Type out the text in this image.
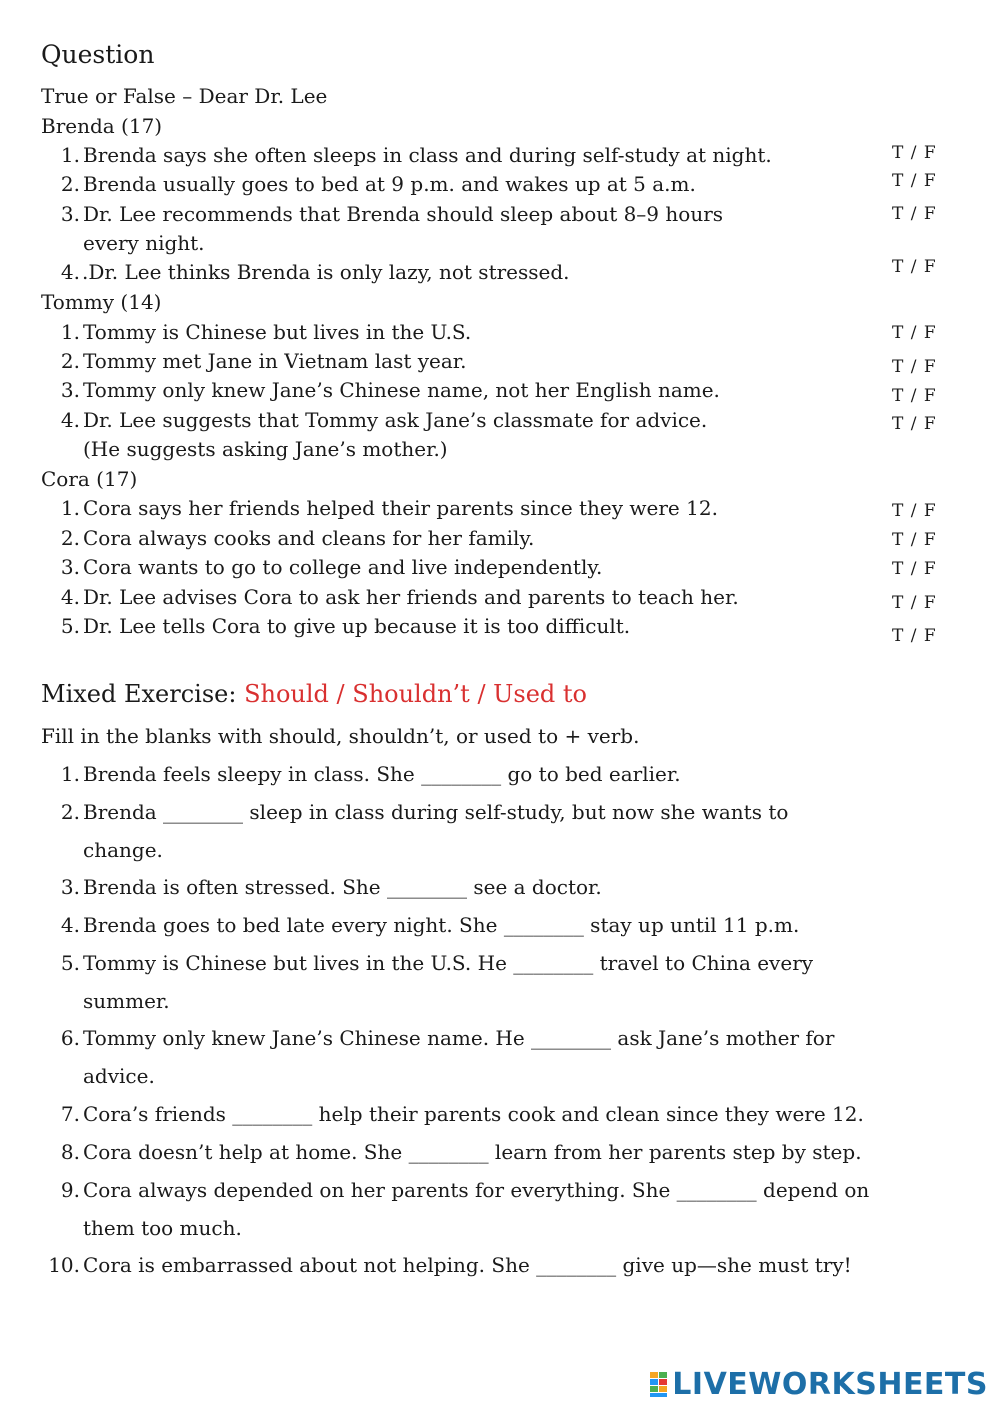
Question
True or False – Dear Dr. Lee
Brenda (17)
1. Brenda says she often sleeps in class and during self-study at night.	T / F
2. Brenda usually goes to bed at 9 p.m. and wakes up at 5 a.m.	T / F
3. Dr. Lee recommends that Brenda should sleep about 8–9 hours
every night.
T / F
4. .Dr. Lee thinks Brenda is only lazy, not stressed.	T / F
Tommy (14)
1. Tommy is Chinese but lives in the U.S.	T / F
2. Tommy met Jane in Vietnam last year.	T / F
3. Tommy only knew Jane’s Chinese name, not her English name.	T / F
4. Dr. Lee suggests that Tommy ask Jane’s classmate for advice.
(He suggests asking Jane’s mother.)
T / F
Cora (17)
1. Cora says her friends helped their parents since they were 12.	T / F
2. Cora always cooks and cleans for her family.	T / F
3. Cora wants to go to college and live independently.	T / F
4. Dr. Lee advises Cora to ask her friends and parents to teach her.	T / F
5. Dr. Lee tells Cora to give up because it is too difficult.	T / F
Mixed Exercise: Should / Shouldn’t / Used to
Fill in the blanks with should, shouldn’t, or used to + verb.
1. Brenda feels sleepy in class. She ________ go to bed earlier.
2. Brenda ________ sleep in class during self-study, but now she wants to
change.
3. Brenda is often stressed. She ________ see a doctor.
4. Brenda goes to bed late every night. She ________ stay up until 11 p.m.
5. Tommy is Chinese but lives in the U.S. He ________ travel to China every
summer.
6. Tommy only knew Jane’s Chinese name. He ________ ask Jane’s mother for
advice.
7. Cora’s friends ________ help their parents cook and clean since they were 12.
8. Cora doesn’t help at home. She ________ learn from her parents step by step.
9. Cora always depended on her parents for everything. She ________ depend on
them too much.
10. Cora is embarrassed about not helping. She ________ give up—she must try!
LIVEWORKSHEETS
